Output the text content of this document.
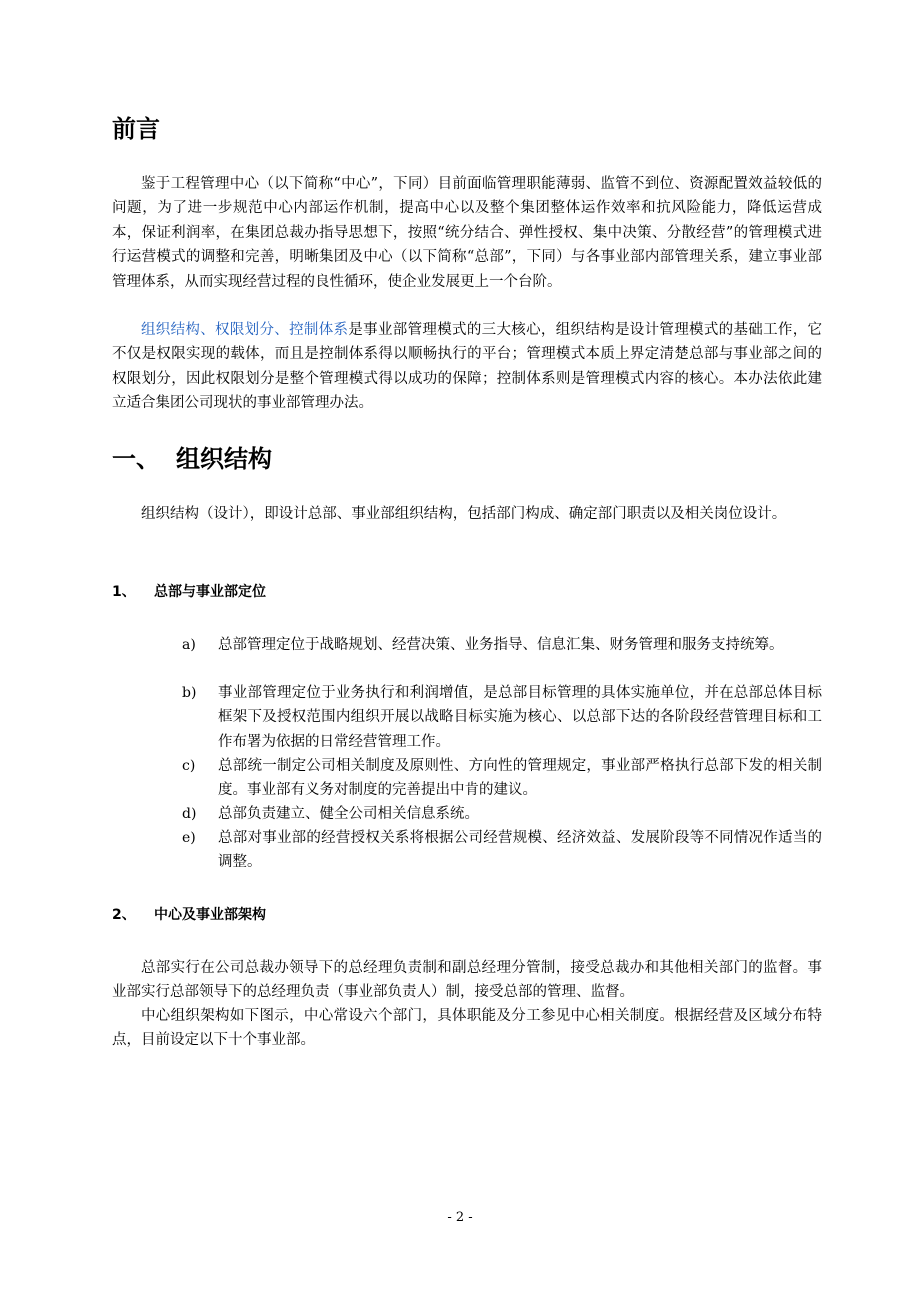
前言

鉴于工程管理中心（以下简称“中心”，下同）目前面临管理职能薄弱、监管不到位、资源配置效益较低的问题，为了进一步规范中心内部运作机制，提高中心以及整个集团整体运作效率和抗风险能力，降低运营成本，保证利润率，在集团总裁办指导思想下，按照“统分结合、弹性授权、集中决策、分散经营”的管理模式进行运营模式的调整和完善，明晰集团及中心（以下简称“总部”，下同）与各事业部内部管理关系，建立事业部管理体系，从而实现经营过程的良性循环，使企业发展更上一个台阶。

组织结构、权限划分、控制体系是事业部管理模式的三大核心，组织结构是设计管理模式的基础工作，它不仅是权限实现的载体，而且是控制体系得以顺畅执行的平台；管理模式本质上界定清楚总部与事业部之间的权限划分，因此权限划分是整个管理模式得以成功的保障；控制体系则是管理模式内容的核心。本办法依此建立适合集团公司现状的事业部管理办法。

一、 组织结构

组织结构（设计），即设计总部、事业部组织结构，包括部门构成、确定部门职责以及相关岗位设计。

1、 总部与事业部定位
a) 总部管理定位于战略规划、经营决策、业务指导、信息汇集、财务管理和服务支持统筹。
b) 事业部管理定位于业务执行和利润增值，是总部目标管理的具体实施单位，并在总部总体目标框架下及授权范围内组织开展以战略目标实施为核心、以总部下达的各阶段经营管理目标和工作布署为依据的日常经营管理工作。
c) 总部统一制定公司相关制度及原则性、方向性的管理规定，事业部严格执行总部下发的相关制度。事业部有义务对制度的完善提出中肯的建议。
d) 总部负责建立、健全公司相关信息系统。
e) 总部对事业部的经营授权关系将根据公司经营规模、经济效益、发展阶段等不同情况作适当的调整。
2、 中心及事业部架构

总部实行在公司总裁办领导下的总经理负责制和副总经理分管制，接受总裁办和其他相关部门的监督。事业部实行总部领导下的总经理负责（事业部负责人）制，接受总部的管理、监督。

中心组织架构如下图示，中心常设六个部门，具体职能及分工参见中心相关制度。根据经营及区域分布特点，目前设定以下十个事业部。

- 2 -
